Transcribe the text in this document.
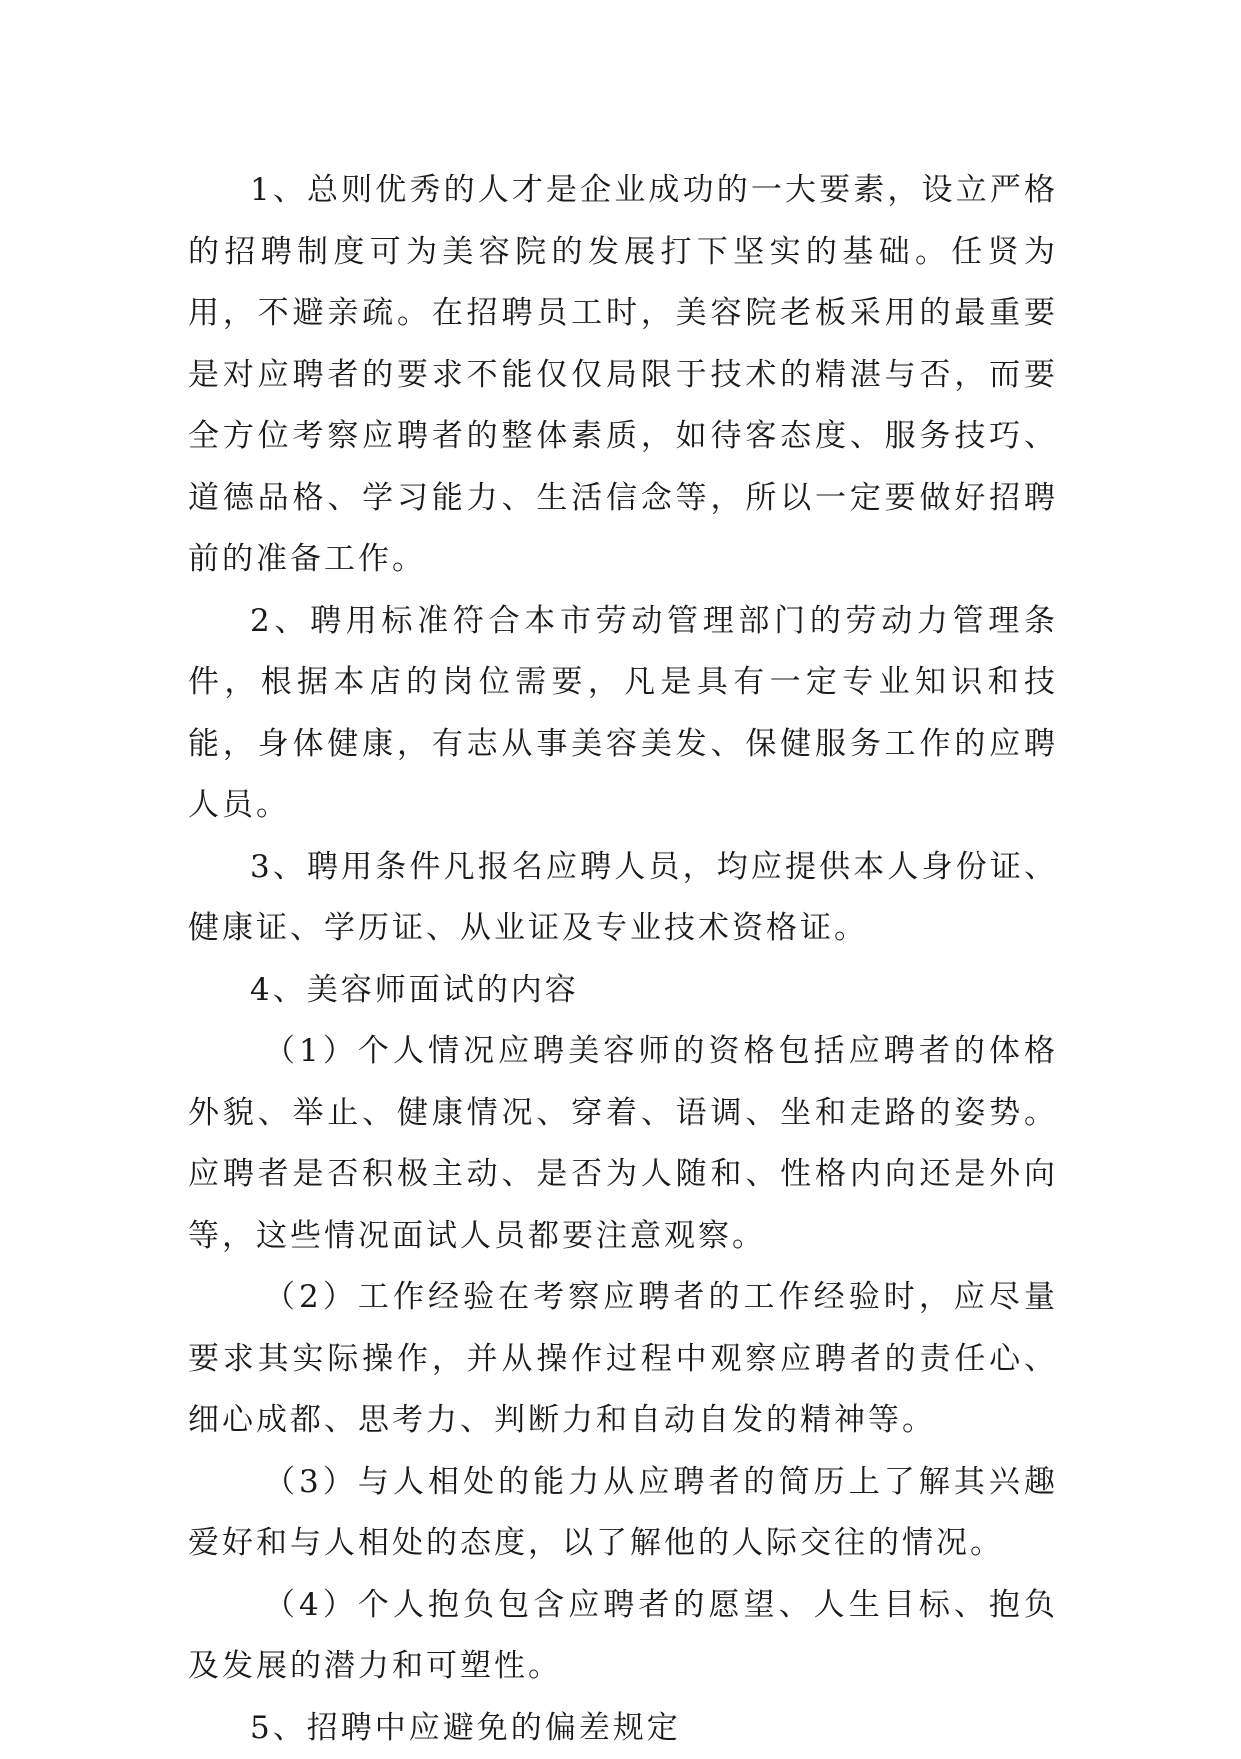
1、总则优秀的人才是企业成功的一大要素，设立严格的招聘制度可为美容院的发展打下坚实的基础。任贤为用，不避亲疏。在招聘员工时，美容院老板采用的最重要是对应聘者的要求不能仅仅局限于技术的精湛与否，而要全方位考察应聘者的整体素质，如待客态度、服务技巧、道德品格、学习能力、生活信念等，所以一定要做好招聘前的准备工作。

2、聘用标准符合本市劳动管理部门的劳动力管理条件，根据本店的岗位需要，凡是具有一定专业知识和技能，身体健康，有志从事美容美发、保健服务工作的应聘人员。

3、聘用条件凡报名应聘人员，均应提供本人身份证、健康证、学历证、从业证及专业技术资格证。

4、美容师面试的内容

（1）个人情况应聘美容师的资格包括应聘者的体格外貌、举止、健康情况、穿着、语调、坐和走路的姿势。应聘者是否积极主动、是否为人随和、性格内向还是外向等，这些情况面试人员都要注意观察。

（2）工作经验在考察应聘者的工作经验时，应尽量要求其实际操作，并从操作过程中观察应聘者的责任心、细心成都、思考力、判断力和自动自发的精神等。

（3）与人相处的能力从应聘者的简历上了解其兴趣爱好和与人相处的态度，以了解他的人际交往的情况。

（4）个人抱负包含应聘者的愿望、人生目标、抱负及发展的潜力和可塑性。

5、招聘中应避免的偏差规定
